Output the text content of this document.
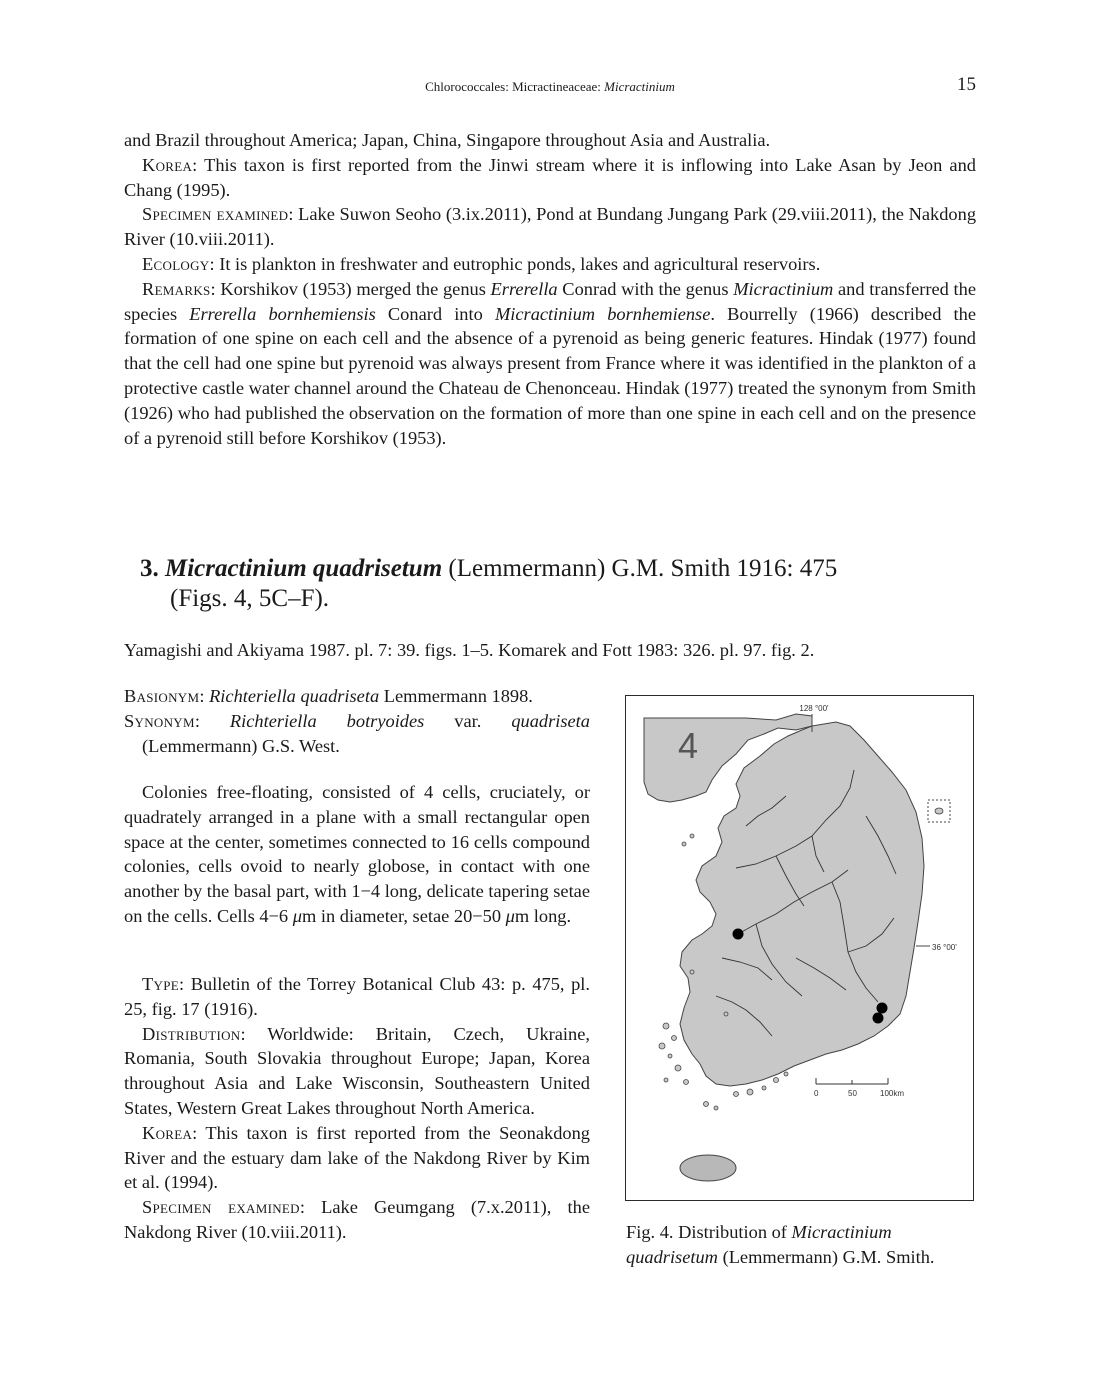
Chlorococcales: Micractineaceae: Micractinium	15

and Brazil throughout America; Japan, China, Singapore throughout Asia and Australia.

Korea: This taxon is first reported from the Jinwi stream where it is inflowing into Lake Asan by Jeon and Chang (1995).

Specimen examined: Lake Suwon Seoho (3.ix.2011), Pond at Bundang Jungang Park (29.viii.2011), the Nakdong River (10.viii.2011).

Ecology: It is plankton in freshwater and eutrophic ponds, lakes and agricultural reservoirs.

Remarks: Korshikov (1953) merged the genus Errerella Conrad with the genus Micractinium and transferred the species Errerella bornhemiensis Conard into Micractinium bornhemiense. Bourrelly (1966) described the formation of one spine on each cell and the absence of a pyrenoid as being generic features. Hindak (1977) found that the cell had one spine but pyrenoid was always present from France where it was identified in the plankton of a protective castle water channel around the Chateau de Chenonceau. Hindak (1977) treated the synonym from Smith (1926) who had published the observation on the formation of more than one spine in each cell and on the presence of a pyrenoid still before Korshikov (1953).

3. Micractinium quadrisetum (Lemmermann) G.M. Smith 1916: 475
(Figs. 4, 5C–F).
Yamagishi and Akiyama 1987. pl. 7: 39. figs. 1–5. Komarek and Fott 1983: 326. pl. 97. fig. 2.

Basionym: Richteriella quadriseta Lemmermann 1898.

Synonym: Richteriella botryoides var. quadriseta (Lemmermann) G.S. West.

Colonies free-floating, consisted of 4 cells, cruciately, or quadrately arranged in a plane with a small rectangular open space at the center, sometimes connected to 16 cells compound colonies, cells ovoid to nearly globose, in contact with one another by the basal part, with 1−4 long, delicate tapering setae on the cells. Cells 4−6 μm in diameter, setae 20−50 μm long.

Type: Bulletin of the Torrey Botanical Club 43: p. 475, pl. 25, fig. 17 (1916).

Distribution: Worldwide: Britain, Czech, Ukraine, Romania, South Slovakia throughout Europe; Japan, Korea throughout Asia and Lake Wisconsin, Southeastern United States, Western Great Lakes throughout North America.

Korea: This taxon is first reported from the Seonakdong River and the estuary dam lake of the Nakdong River by Kim et al. (1994).

Specimen examined: Lake Geumgang (7.x.2011), the Nakdong River (10.viii.2011).

128 °00'
36 °00'
4
0	50	100km
Fig. 4. Distribution of Micractinium quadrisetum (Lemmermann) G.M. Smith.
